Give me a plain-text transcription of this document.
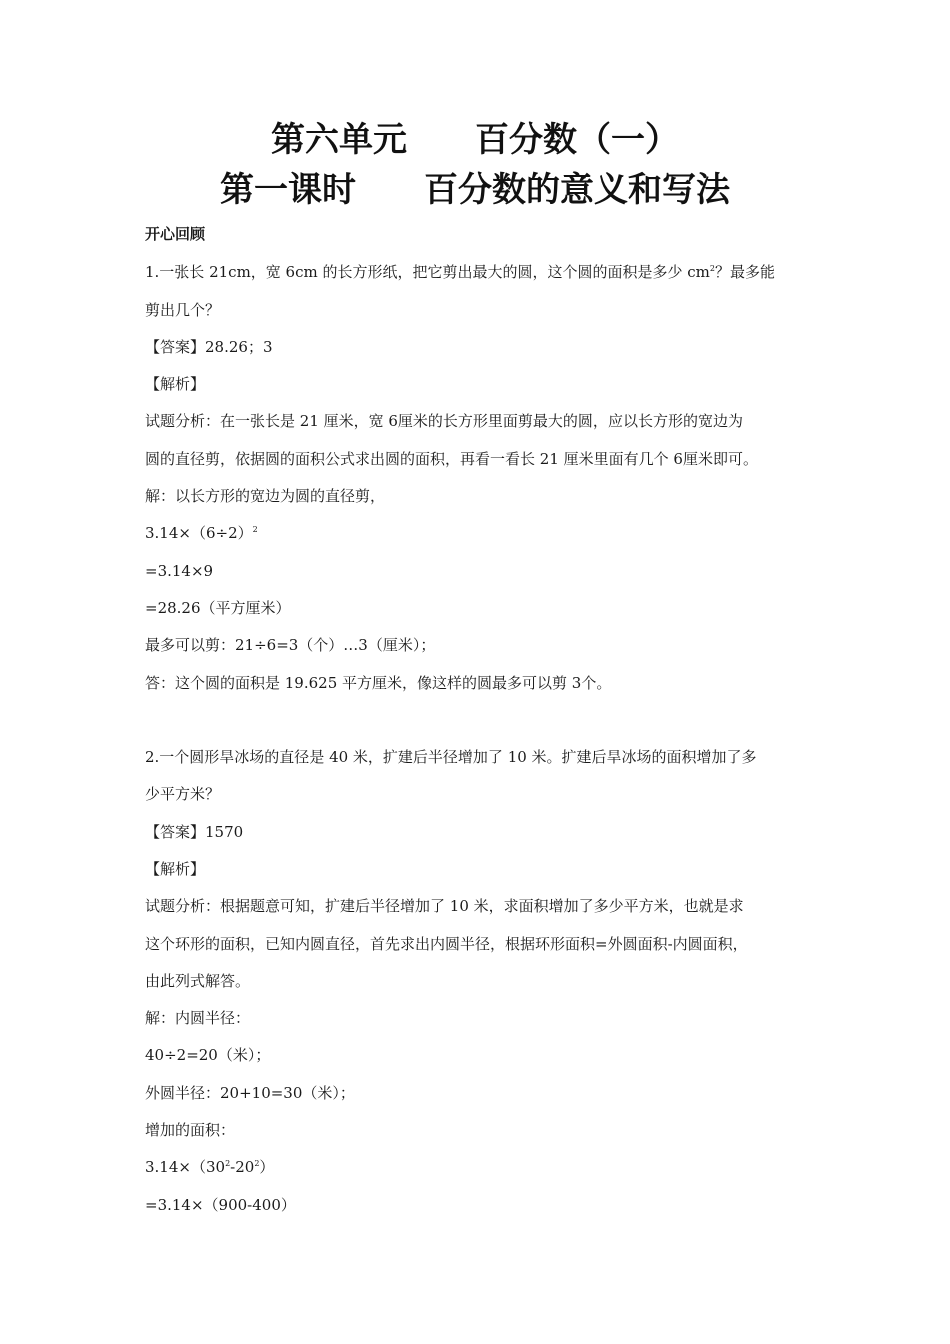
第六单元　　百分数（一）
第一课时　　百分数的意义和写法
开心回顾
1.一张长 21cm，宽 6cm 的长方形纸，把它剪出最大的圆，这个圆的面积是多少 $cm^2$？最多能
剪出几个？
【答案】28.26；3
【解析】
试题分析：在一张长是 21 厘米，宽 6厘米的长方形里面剪最大的圆，应以长方形的宽边为
圆的直径剪，依据圆的面积公式求出圆的面积，再看一看长 21 厘米里面有几个 6厘米即可。
解：以长方形的宽边为圆的直径剪，
$3.14\times(6\div 2)^2$
=3.14×9
=28.26（平方厘米）
最多可以剪：21÷6=3（个）…3（厘米）；
答：这个圆的面积是 19.625 平方厘米，像这样的圆最多可以剪 3个。
2.一个圆形旱冰场的直径是 40 米，扩建后半径增加了 10 米。扩建后旱冰场的面积增加了多
少平方米？
【答案】1570
【解析】
试题分析：根据题意可知，扩建后半径增加了 10 米，求面积增加了多少平方米，也就是求
这个环形的面积，已知内圆直径，首先求出内圆半径，根据环形面积=外圆面积-内圆面积，
由此列式解答。
解：内圆半径：
40÷2=20（米）；
外圆半径：20+10=30（米）；
增加的面积：
$3.14\times(30^2-20^2)$
=3.14×（900-400）
